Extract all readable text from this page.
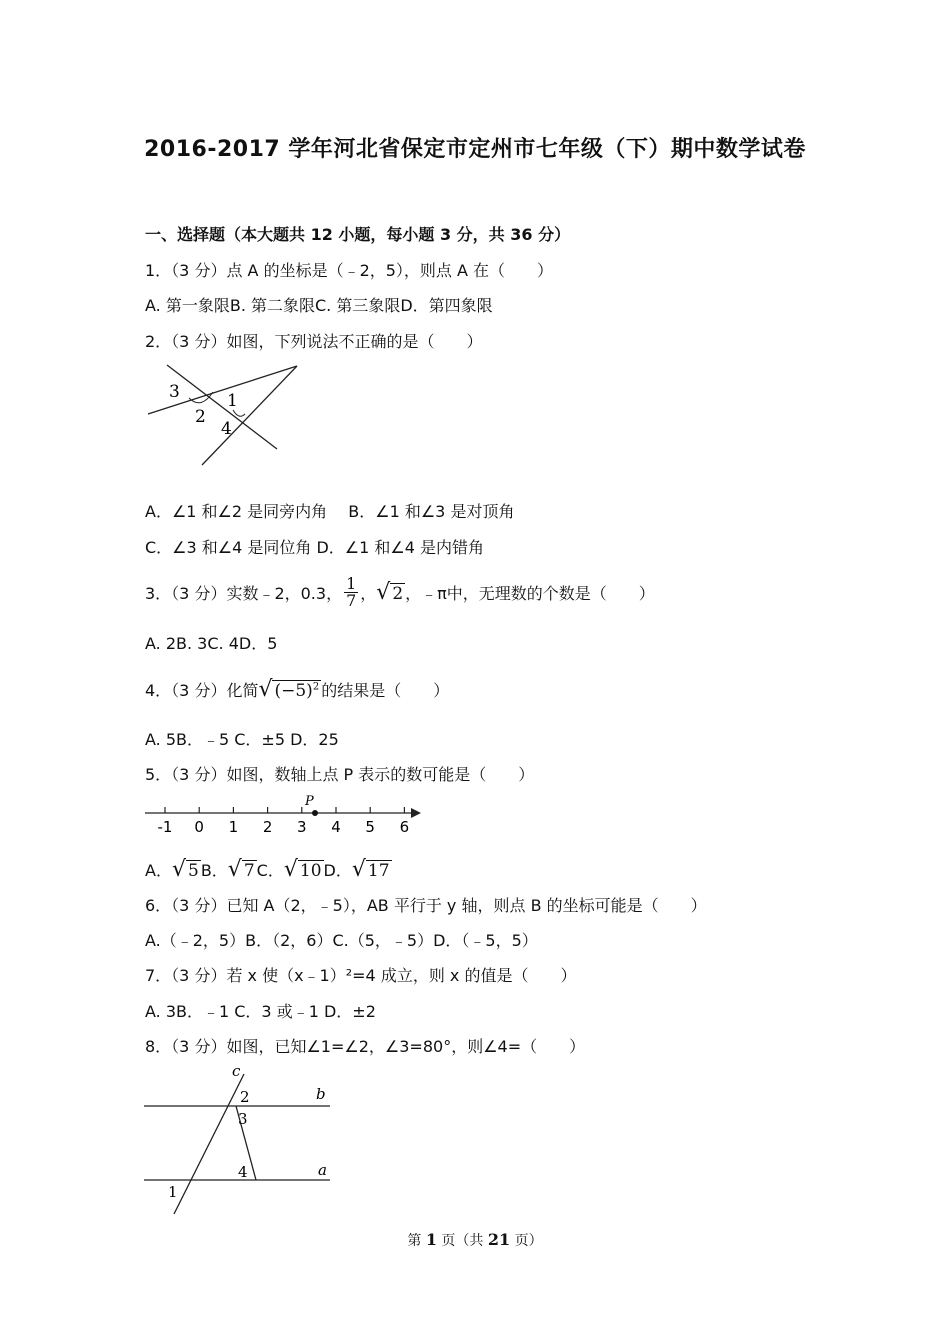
2016-2017 学年河北省保定市定州市七年级（下）期中数学试卷
一、选择题（本大题共 12 小题，每小题 3 分，共 36 分）
1．（3 分）点 A 的坐标是（﹣2，5），则点 A 在（　　）
A. 第一象限B. 第二象限C. 第三象限D．第四象限
2．（3 分）如图，下列说法不正确的是（　　）
3
2
1
4
A．∠1 和∠2 是同旁内角　 B．∠1 和∠3 是对顶角
C．∠3 和∠4 是同位角 D．∠1 和∠4 是内错角
3．（3 分）实数﹣2，0.3， $\frac{1}{7}$ ， √ 2 ，﹣π中，无理数的个数是（　　）
A. 2B. 3C. 4D．5
4．（3 分）化简 √ $(-5)^2$ 的结果是（　　）
A. 5B．﹣5 C．±5 D．25
5．（3 分）如图，数轴上点 P 表示的数可能是（　　）
-1 0 1 2 3 4 5 6
P
A． √ 5 B． √ 7 C． √ 10 D． √ 17
6．（3 分）已知 A（2，﹣5），AB 平行于 y 轴，则点 B 的坐标可能是（　　）
A.（﹣2，5）B．（2，6）C.（5，﹣5）D．（﹣5，5）
7．（3 分）若 x 使（x﹣1）²=4 成立，则 x 的值是（　　）
A. 3B．﹣1 C．3 或﹣1 D．±2
8．（3 分）如图，已知∠1=∠2，∠3=80°，则∠4=（　　）
c
2	b
3
4	a
1
第 1 页（共 21 页）
